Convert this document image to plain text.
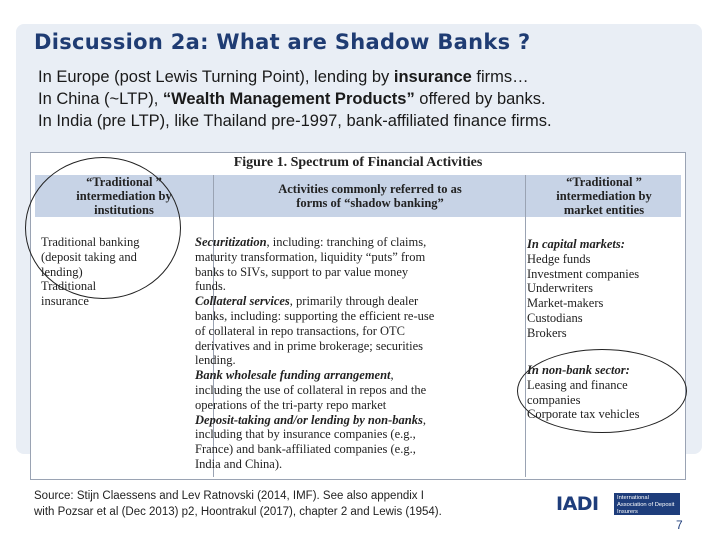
Discussion 2a: What are Shadow Banks ?
In Europe (post Lewis Turning Point), lending by insurance firms…
In China (~LTP), “Wealth Management Products” offered by banks.
In India (pre LTP), like Thailand pre-1997, bank-affiliated finance firms.
Figure 1. Spectrum of Financial Activities
“Traditional ”
intermediation by
institutions
Activities commonly referred to as
forms of “shadow banking”
“Traditional ”
intermediation by
market entities
Traditional banking
(deposit taking and
lending)
Traditional
insurance
Securitization, including: tranching of claims,
maturity transformation, liquidity “puts” from
banks to SIVs, support to par value money
funds.
Collateral services, primarily through dealer
banks, including: supporting the efficient re-use
of collateral in repo transactions, for OTC
derivatives and in prime brokerage; securities
lending.
Bank wholesale funding arrangement,
including the use of collateral in repos and the
operations of the tri-party repo market
Deposit-taking and/or lending by non-banks,
including that by insurance companies (e.g.,
France) and bank-affiliated companies (e.g.,
India and China).
In capital markets:
Hedge funds
Investment companies
Underwriters
Market-makers
Custodians
Brokers
In non-bank sector:
Leasing and finance
companies
Corporate tax vehicles
Source: Stijn Claessens and Lev Ratnovski (2014, IMF). See also appendix I
with Pozsar et al (Dec 2013) p2, Hoontrakul (2017), chapter 2 and Lewis (1954).	IADI	International Association of Deposit Insurers
7
